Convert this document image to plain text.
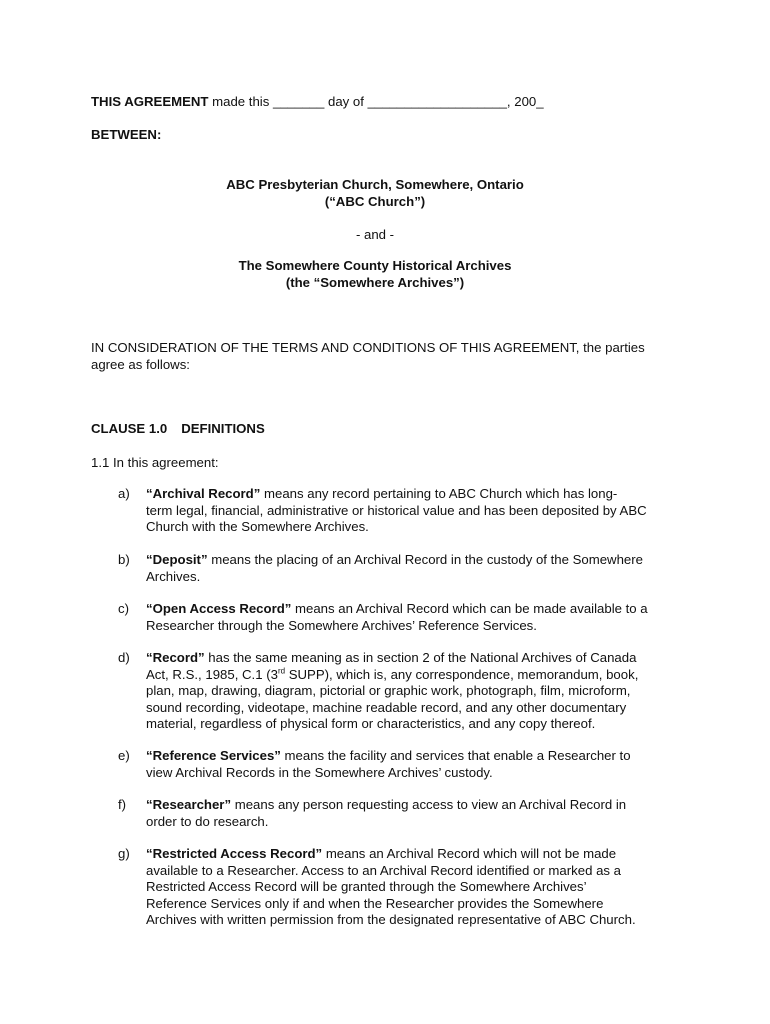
THIS AGREEMENT made this _______ day of ___________________, 200_
BETWEEN:
ABC Presbyterian Church, Somewhere, Ontario
(“ABC Church”)
- and -
The Somewhere County Historical Archives
(the “Somewhere Archives”)
IN CONSIDERATION OF THE TERMS AND CONDITIONS OF THIS AGREEMENT, the parties
agree as follows:
CLAUSE 1.0 DEFINITIONS
1.1 In this agreement:
a) “Archival Record” means any record pertaining to ABC Church which has long-
term legal, financial, administrative or historical value and has been deposited by ABC
Church with the Somewhere Archives.
b) “Deposit” means the placing of an Archival Record in the custody of the Somewhere
Archives.
c) “Open Access Record” means an Archival Record which can be made available to a
Researcher through the Somewhere Archives’ Reference Services.
d) “Record” has the same meaning as in section 2 of the National Archives of Canada
Act, R.S., 1985, C.1 (3rd SUPP), which is, any correspondence, memorandum, book,
plan, map, drawing, diagram, pictorial or graphic work, photograph, film, microform,
sound recording, videotape, machine readable record, and any other documentary
material, regardless of physical form or characteristics, and any copy thereof.
e) “Reference Services” means the facility and services that enable a Researcher to
view Archival Records in the Somewhere Archives’ custody.
f) “Researcher” means any person requesting access to view an Archival Record in
order to do research.
g) “Restricted Access Record” means an Archival Record which will not be made
available to a Researcher. Access to an Archival Record identified or marked as a
Restricted Access Record will be granted through the Somewhere Archives’
Reference Services only if and when the Researcher provides the Somewhere
Archives with written permission from the designated representative of ABC Church.
